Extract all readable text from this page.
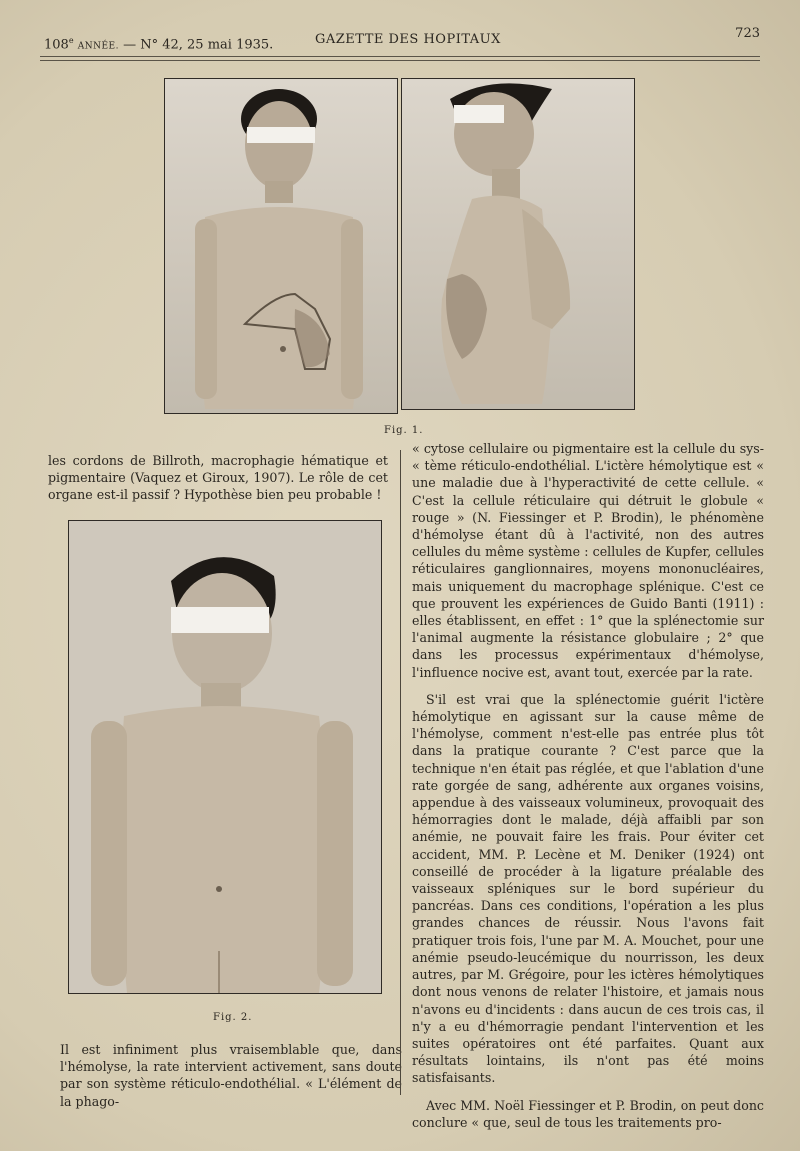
108e ANNÉE. — N° 42, 25 mai 1935.	GAZETTE DES HOPITAUX	723
Fig. 1.

les cordons de Billroth, macrophagie hématique et pigmentaire (Vaquez et Giroux, 1907). Le rôle de cet organe est-il passif ? Hypothèse bien peu probable !

Fig. 2.

Il est infiniment plus vraisemblable que, dans l'hémolyse, la rate intervient activement, sans doute par son système réticulo-endothélial. « L'élément de la phago-

« cytose cellulaire ou pigmentaire est la cellule du sys- « tème réticulo-endothélial. L'ictère hémolytique est « une maladie due à l'hyperactivité de cette cellule. « C'est la cellule réticulaire qui détruit le globule « rouge » (N. Fiessinger et P. Brodin), le phénomène d'hémolyse étant dû à l'activité, non des autres cellules du même système : cellules de Kupfer, cellules réticulaires ganglionnaires, moyens mononucléaires, mais uniquement du macrophage splénique. C'est ce que prouvent les expériences de Guido Banti (1911) : elles établissent, en effet : 1° que la splénectomie sur l'animal augmente la résistance globulaire ; 2° que dans les processus expérimentaux d'hémolyse, l'influence nocive est, avant tout, exercée par la rate.

S'il est vrai que la splénectomie guérit l'ictère hémolytique en agissant sur la cause même de l'hémolyse, comment n'est-elle pas entrée plus tôt dans la pratique courante ? C'est parce que la technique n'en était pas réglée, et que l'ablation d'une rate gorgée de sang, adhérente aux organes voisins, appendue à des vaisseaux volumineux, provoquait des hémorragies dont le malade, déjà affaibli par son anémie, ne pouvait faire les frais. Pour éviter cet accident, MM. P. Lecène et M. Deniker (1924) ont conseillé de procéder à la ligature préalable des vaisseaux spléniques sur le bord supérieur du pancréas. Dans ces conditions, l'opération a les plus grandes chances de réussir. Nous l'avons fait pratiquer trois fois, l'une par M. A. Mouchet, pour une anémie pseudo-leucémique du nourrisson, les deux autres, par M. Grégoire, pour les ictères hémolytiques dont nous venons de relater l'histoire, et jamais nous n'avons eu d'incidents : dans aucun de ces trois cas, il n'y a eu d'hémorragie pendant l'intervention et les suites opératoires ont été parfaites. Quant aux résultats lointains, ils n'ont pas été moins satisfaisants.

Avec MM. Noël Fiessinger et P. Brodin, on peut donc conclure « que, seul de tous les traitements pro-
